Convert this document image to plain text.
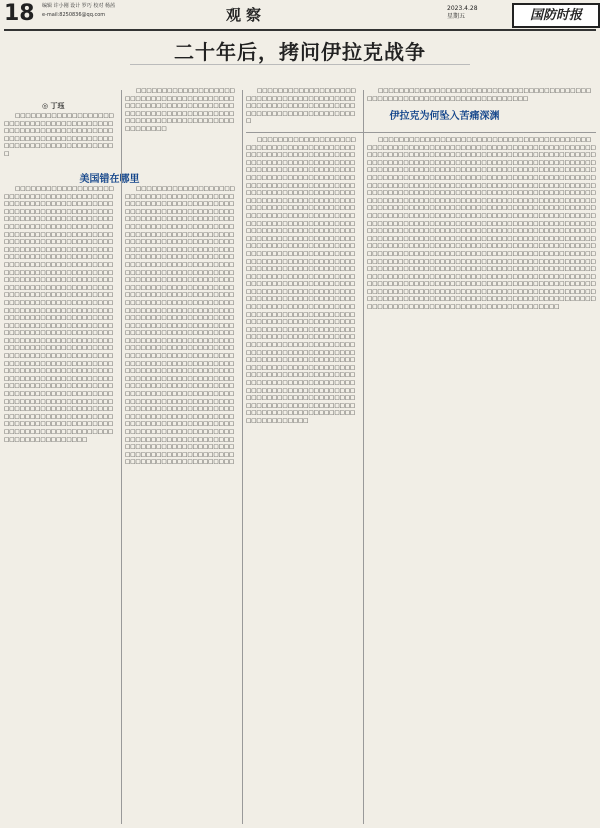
18 编辑 许小刚 设计 罗巧 校对 杨茜
e-mail:825⁠0836@qq.com	观察	2023.4.28
星期五	国防时报
二十年后，拷问伊拉克战争
◎ 丁珏

□□□□□□□□□□□□□□□□□□□□□□□□□□□□□□□□□□□□□□□□□□□□□□□□□□□□□□□□□□□□□□□□□□□□□□□□□□□□□□□□□□□□□□□□□□□□□□□□□□□□□□□□

美国错在哪里

□□□□□□□□□□□□□□□□□□□□□□□□□□□□□□□□□□□□□□□□□□□□□□□□□□□□□□□□□□□□□□□□□□□□□□□□□□□□□□□□□□□□□□□□□□□□□□□□□□□□□□□□□□□□□□□□□□□□□□□□□□□□□□□□□□□□□□□□□□□□□□□□□□□□□□□□□□□□□□□□□□□□□□□□□□□□□□□□□□□□□□□□□□□□□□□□□□□□□□□□□□□□□□□□□□□□□□□□□□□□□□□□□□□□□□□□□□□□□□□□□□□□□□□□□□□□□□□□□□□□□□□□□□□□□□□□□□□□□□□□□□□□□□□□□□□□□□□□□□□□□□□□□□□□□□□□□□□□□□□□□□□□□□□□□□□□□□□□□□□□□□□□□□□□□□□□□□□□□□□□□□□□□□□□□□□□□□□□□□□□□□□□□□□□□□□□□□□□□□□□□□□□□□□□□□□□□□□□□□□□□□□□□□□□□□□□□□□□□□□□□□□□□□□□□□□□□□□□□□□□□□□□□□□□□□□□□□□□□□□□□□□□□□□□□□□□□□□□□□□□□□□□□□□□□□□□□□□□□□□□□□□□□□□□□□□□□□□□□□□□□□□□□□□□□□□□□□□□□□□□□□□□□□□□□□□□□□□□□□□□□□□□□□□□□□□□□□□□□□□□□□□□□□□□□□□□□□□□□□□□□□□□□□□□□□□□□□□□□□□□□□□□□□□□□□□□□□□□□□□□□□□□□□□□□□□□□□□□□□□□□□□□□□□□□□□□□□□□□□□□□□□□□□□

□□□□□□□□□□□□□□□□□□□□□□□□□□□□□□□□□□□□□□□□□□□□□□□□□□□□□□□□□□□□□□□□□□□□□□□□□□□□□□□□□□□□□□□□□□□□□□□□□□□□□□□□□□□□□□□

□□□□□□□□□□□□□□□□□□□□□□□□□□□□□□□□□□□□□□□□□□□□□□□□□□□□□□□□□□□□□□□□□□□□□□□□□□□□□□□□□□□□□□□□□□□□□□□□□□□□□□□□□□□□□□□□□□□□□□□□□□□□□□□□□□□□□□□□□□□□□□□□□□□□□□□□□□□□□□□□□□□□□□□□□□□□□□□□□□□□□□□□□□□□□□□□□□□□□□□□□□□□□□□□□□□□□□□□□□□□□□□□□□□□□□□□□□□□□□□□□□□□□□□□□□□□□□□□□□□□□□□□□□□□□□□□□□□□□□□□□□□□□□□□□□□□□□□□□□□□□□□□□□□□□□□□□□□□□□□□□□□□□□□□□□□□□□□□□□□□□□□□□□□□□□□□□□□□□□□□□□□□□□□□□□□□□□□□□□□□□□□□□□□□□□□□□□□□□□□□□□□□□□□□□□□□□□□□□□□□□□□□□□□□□□□□□□□□□□□□□□□□□□□□□□□□□□□□□□□□□□□□□□□□□□□□□□□□□□□□□□□□□□□□□□□□□□□□□□□□□□□□□□□□□□□□□□□□□□□□□□□□□□□□□□□□□□□□□□□□□□□□□□□□□□□□□□□□□□□□□□□□□□□□□□□□□□□□□□□□□□□□□□□□□□□□□□□□□□□□□□□□□□□□□□□□□□□□□□□□□□□□□□□□□□□□□□□□□□□□□□□□□□□□□□□□□□□□□□□□□□□□□□□□□□□□□□□□□□□□□□□□□□□□□□□□□□□□□□□□□□□□□□□□□□□□□□□□□□□□□□□□□□□□□□□□□□□□□□□□□□□□□□□□□□□□□□□□□□□□□□□□□□□□□□□□□□□

□□□□□□□□□□□□□□□□□□□□□□□□□□□□□□□□□□□□□□□□□□□□□□□□□□□□□□□□□□□□□□□□□□□□□□□□□□□□□□□□□□□	伊拉克为何坠入苦痛深渊

□□□□□□□□□□□□□□□□□□□□□□□□□□□□□□□□□□□□□□□□□□□□□□□□□□□□□□□□□□□□□□□□□□□□□□□□□□□□□□□□□□□□□□□□□□□□□□□□□□□□□□□□□□□□□□□□□□□□□□□□□□□□□□□□□□□□□□□□□□□□□□□□□□□□□□□□□□□□□□□□□□□□□□□□□□□□□□□□□□□□□□□□□□□□□□□□□□□□□□□□□□□□□□□□□□□□□□□□□□□□□□□□□□□□□□□□□□□□□□□□□□□□□□□□□□□□□□□□□□□□□□□□□□□□□□□□□□□□□□□□□□□□□□□□□□□□□□□□□□□□□□□□□□□□□□□□□□□□□□□□□□□□□□□□□□□□□□□□□□□□□□□□□□□□□□□□□□□□□□□□□□□□□□□□□□□□□□□□□□□□□□□□□□□□□□□□□□□□□□□□□□□□□□□□□□□□□□□□□□□□□□□□□□□□□□□□□□□□□□□□□□□□□□□□□□□□□□□□□□□□□□□□□□□□□□□□□□□□□□□□□□□□□□□□□□□□□□□□□□□□□□□□□□□□□□□□□□□□□□□□□□□□□□□□□□□□□□□□□□□□□□□□□□□□□□□□□□□□□□□□□□□□□□□□□□□□□□□□□□□□□□□□□□□□□□□□□□□□□□□□□□□□□□□□□□□□□□□□□□□□□□□□□□□□□□□□□□□□□□□□□□□□□□□□□□□□□□□□□□□□□□□□□□□□□□□□□□□□□□□□□□□□□□□□□□□□□□□□□□□□□□□□□□□□□□□□□□□□□□□□□□□□□□□□□□□□□□□□□□□□□□□□□□□□□□□□□□□□□□□□□□□□□□□□□□□□□□□□□□□□□□□□□□□

□□□□□□□□□□□□□□□□□□□□□□□□□□□□□□□□□□□□□□□□□□□□□□□□□□□□□□□□□□□□□□□□□□□□□□□□

□□□□□□□□□□□□□□□□□□□□□□□□□□□□□□□□□□□□□□□□□□□□□□□□□□□□□□□□□□□□□□□□□□□□□□□□□□□□□□□□□□□□□□□□□□□□□□□□□□□□□□□□□□□□□□□□□□□□□□□□□□□□□□□□□□□□□□□□□□□□□□□□□□□□□□□□□□□□□□□□□□□□□□□□□□□□□□□□□□□□□□□□□□□□□□□□□□□□□□□□□□□□□□□□□□□□□□□□□□□□□□□□□□□□□□□□□□□□□□□□□□□□□□□□□□□□□□□□□□□□□□□□□□□□□□□□□□□□□□□□□□□□□□□□□□□□□□□□□□□□□□□□□□□□□□□□□□□□□□□□□□□□□□□□□□□□□□□□□□□□□□□□□□□□□□□□□□□□□□□□□□□□□□□□□□□□□□□□□□□□□□□□□□□□□□□□□□□□□□□□□□□□□□□□□□□□□□□□□□□□□□□□□□□□□□□□□□□□□□□□□□□□□□□□□□□□□□□□□□□□□□□□□□□□□□□□□□□□□□□□□□□□□□□□□□□□□□□□□□□□□□□□□□□□□□□□□□□□□□□□□□□□□□□□□□□□□□□□□□□□□□□□□□□□□□□□□□□□□□□□□□□□□□□□□□□□□□□□□□□□□□□□□□□□□□□□□□□□□□□□□□□□□□□□□□□□□□□□□□□□□□□□□□□□□□□□□□□□□□□□□□□□□□□□□□□□□□□□□□□□□□□□□□□□□□□□□□□□□□□□□□□□□□□□□□□□□□□□□□□□□□□□□□□□□□□□□□□□□□□□□□□□□□□□□□□□□□□□□□□□□□□□□□□□□□□□□□□□□□□□□□□□□□□□□□□□□□□□□□□□□□□□□□□□□□□□□□□□□□□□□□□□□□□□□□□□□□□□□□□□□□□□□□□□□□□□□□□□□□□□□□□□□□□□□□□□□□□□□□□□□□□□□□□□□□□□□□□□□□□□□□□□□□□□□□□□□□□□□□□□□□□□□□□□□□□□□□□□□□□□□□□□□□□□□□□□□□□□□□□□□□□□□□□□□□□□□□□□□□□□□□□□□□□□□□□□□□□□□□□□□□□□□□□□□□□□□□□□□□□□□□
